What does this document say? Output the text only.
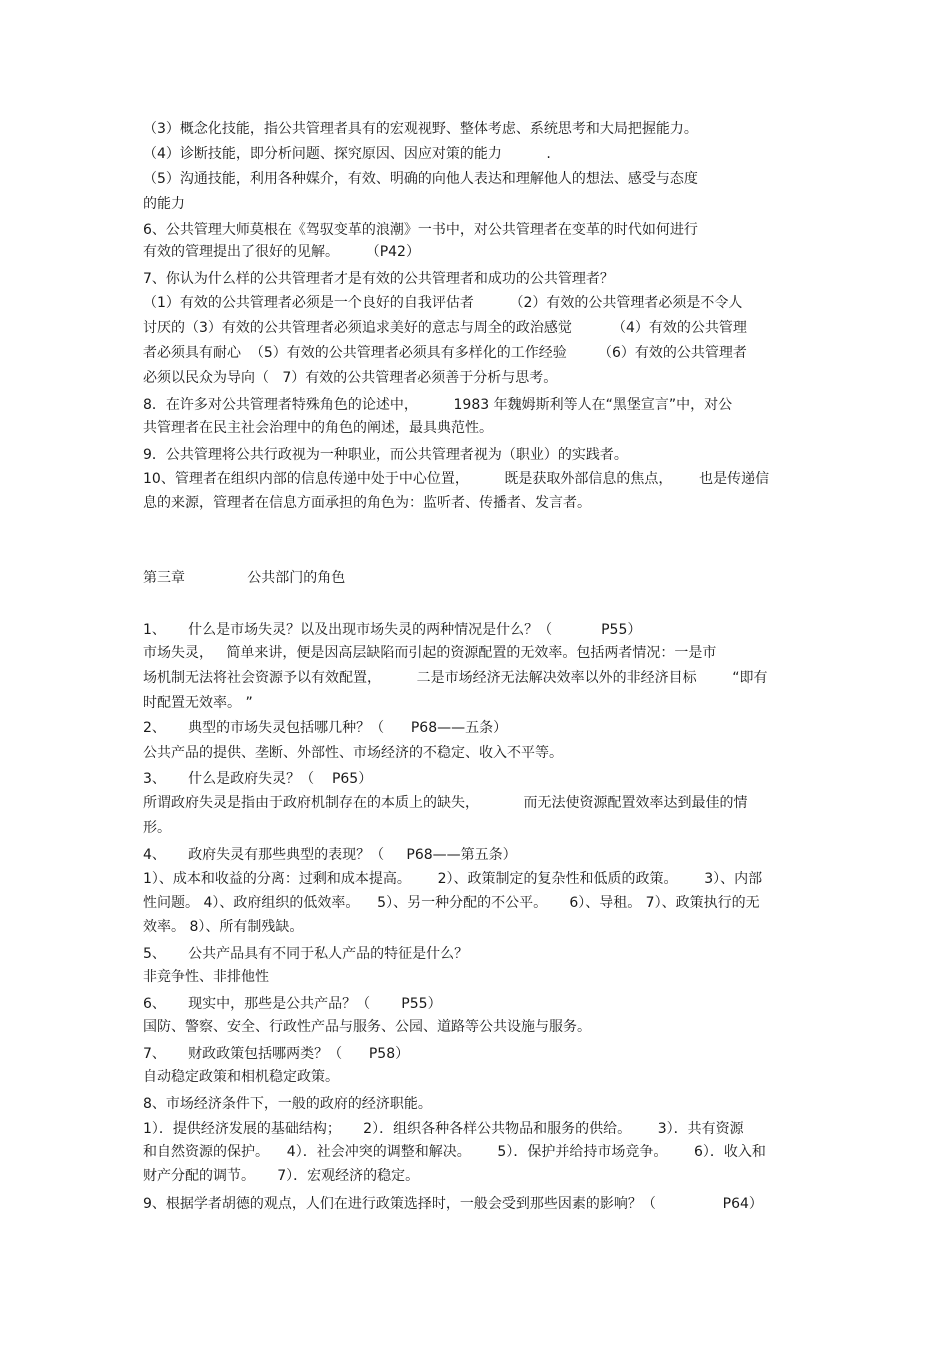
（3）概念化技能，指公共管理者具有的宏观视野、整体考虑、系统思考和大局把握能力。
（4）诊断技能，即分析问题、探究原因、因应对策的能力          .
（5）沟通技能，利用各种媒介，有效、明确的向他人表达和理解他人的想法、感受与态度
的能力
6、公共管理大师莫根在《驾驭变革的浪潮》一书中，对公共管理者在变革的时代如何进行
有效的管理提出了很好的见解。      （P42）
7、你认为什么样的公共管理者才是有效的公共管理者和成功的公共管理者？
（1）有效的公共管理者必须是一个良好的自我评估者        （2）有效的公共管理者必须是不令人
讨厌的（3）有效的公共管理者必须追求美好的意志与周全的政治感觉         （4）有效的公共管理
者必须具有耐心  （5）有效的公共管理者必须具有多样化的工作经验       （6）有效的公共管理者
必须以民众为导向（   7）有效的公共管理者必须善于分析与思考。
8．在许多对公共管理者特殊角色的论述中，        1983 年魏姆斯利等人在“黑堡宣言”中，对公
共管理者在民主社会治理中的角色的阐述，最具典范性。
9．公共管理将公共行政视为一种职业，而公共管理者视为（职业）的实践者。
10、管理者在组织内部的信息传递中处于中心位置，        既是获取外部信息的焦点，      也是传递信
息的来源，管理者在信息方面承担的角色为：监听者、传播者、发言者。
第三章              公共部门的角色
1、     什么是市场失灵？以及出现市场失灵的两种情况是什么？（           P55）
市场失灵，   简单来讲，便是因高层缺陷而引起的资源配置的无效率。包括两者情况：一是市
场机制无法将社会资源予以有效配置，        二是市场经济无法解决效率以外的非经济目标        “即有
时配置无效率。 ”
2、     典型的市场失灵包括哪几种？（      P68——五条）
公共产品的提供、垄断、外部性、市场经济的不稳定、收入不平等。
3、     什么是政府失灵？（    P65）
所谓政府失灵是指由于政府机制存在的本质上的缺失，          而无法使资源配置效率达到最佳的情
形。
4、     政府失灵有那些典型的表现？（     P68——第五条）
1）、成本和收益的分离：过剩和成本提高。      2）、政策制定的复杂性和低质的政策。      3）、内部
性问题。 4）、政府组织的低效率。    5）、另一种分配的不公平。     6）、导租。 7）、政策执行的无
效率。 8）、所有制残缺。
5、     公共产品具有不同于私人产品的特征是什么？
非竞争性、非排他性
6、     现实中，那些是公共产品？（       P55）
国防、警察、安全、行政性产品与服务、公园、道路等公共设施与服务。
7、     财政政策包括哪两类？（      P58）
自动稳定政策和相机稳定政策。
8、市场经济条件下，一般的政府的经济职能。
1）．提供经济发展的基础结构；     2）．组织各种各样公共物品和服务的供给。      3）．共有资源
和自然资源的保护。    4）．社会冲突的调整和解决。      5）．保护并给持市场竞争。      6）．收入和
财产分配的调节。     7）．宏观经济的稳定。
9、根据学者胡德的观点，人们在进行政策选择时，一般会受到那些因素的影响？（               P64）
